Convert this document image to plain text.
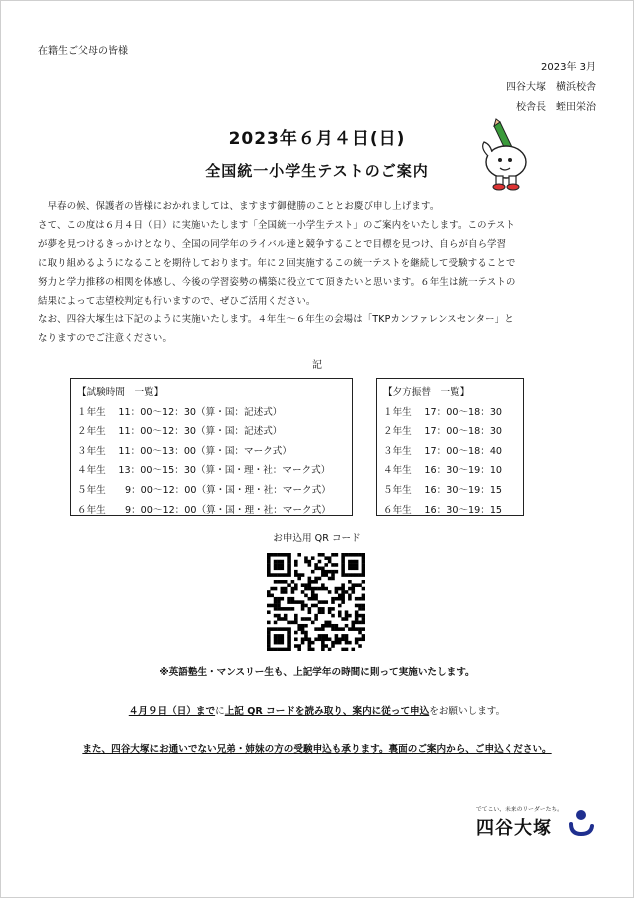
在籍生ご父母の皆様
2023年 3月
四谷大塚　横浜校舎
校舎長　蛭田栄治
2023年６月４日(日)
全国統一小学生テストのご案内

　早春の候、保護者の皆様におかれましては、ますます御健勝のこととお慶び申し上げます。

さて、この度は６月４日（日）に実施いたします「全国統一小学生テスト」のご案内をいたします。このテスト

が夢を見つけるきっかけとなり、全国の同学年のライバル達と競争することで目標を見つけ、自らが自ら学習

に取り組めるようになることを期待しております。年に２回実施するこの統一テストを継続して受験することで

努力と学力推移の相関を体感し、今後の学習姿勢の構築に役立てて頂きたいと思います。６年生は統一テストの

結果によって志望校判定も行いますので、ぜひご活用ください。

なお、四谷大塚生は下記のように実施いたします。４年生～６年生の会場は「TKPカンファレンスセンター」と

なりますのでご注意ください。

記
【試験時間　一覧】
１年生　 11：00～12：30（算・国：記述式）
２年生　 11：00～12：30（算・国：記述式）
３年生　 11：00～13：00（算・国：マーク式）
４年生　 13：00～15：30（算・国・理・社：マーク式）
５年生　　9：00～12：00（算・国・理・社：マーク式）
６年生　　9：00～12：00（算・国・理・社：マーク式）
【夕方振替　一覧】
１年生　 17：00～18：30
２年生　 17：00～18：30
３年生　 17：00～18：40
４年生　 16：30～19：10
５年生　 16：30～19：15
６年生　 16：30～19：15
お申込用 QR コード
※英語塾生・マンスリー生も、上記学年の時間に則って実施いたします。
４月９日（日）までに上記 QR コードを読み取り、案内に従って申込をお願いします。
また、四谷大塚にお通いでない兄弟・姉妹の方の受験申込も承ります。裏面のご案内から、ご申込ください。
でてこい、未来のリーダーたち。
四谷大塚
